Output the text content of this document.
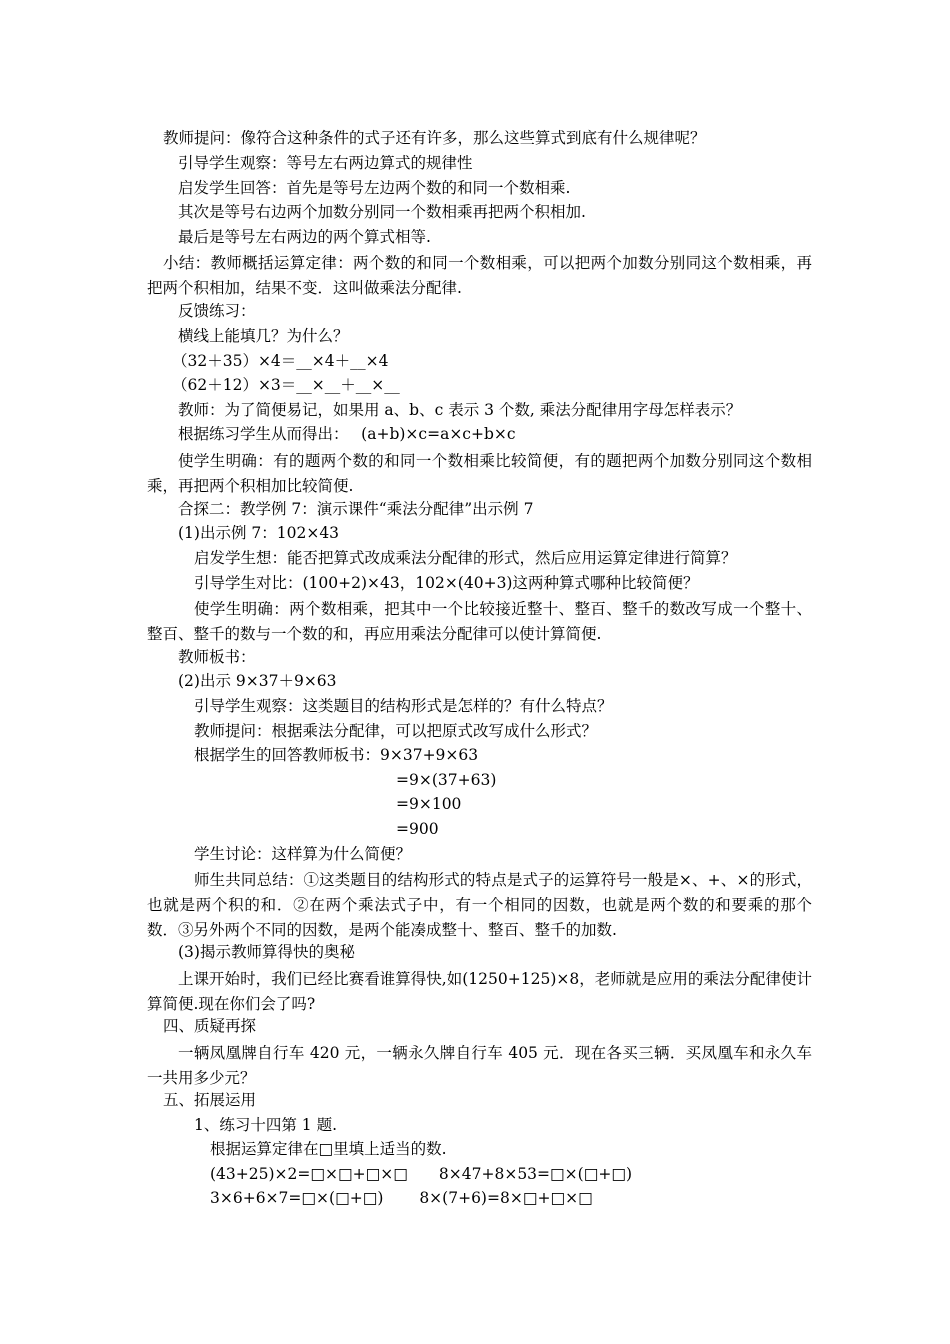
教师提问：像符合这种条件的式子还有许多，那么这些算式到底有什么规律呢？
引导学生观察：等号左右两边算式的规律性
启发学生回答：首先是等号左边两个数的和同一个数相乘.
其次是等号右边两个加数分别同一个数相乘再把两个积相加.
最后是等号左右两边的两个算式相等.
小结：教师概括运算定律：两个数的和同一个数相乘，可以把两个加数分别同这个数相乘，再把两个积相加，结果不变．这叫做乘法分配律.
反馈练习：
横线上能填几？为什么？
（32＋35）×4＝__×4＋__×4
（62＋12）×3＝__×__＋__×__
教师：为了简便易记，如果用 a、b、c 表示 3 个数, 乘法分配律用字母怎样表示？
根据练习学生从而得出：　 (a+b)×c=a×c+b×c
使学生明确：有的题两个数的和同一个数相乘比较简便，有的题把两个加数分别同这个数相乘，再把两个积相加比较简便.
合探二：教学例 7：演示课件“乘法分配律”出示例 7
(1)出示例 7：102×43
启发学生想：能否把算式改成乘法分配律的形式，然后应用运算定律进行简算？
引导学生对比：(100+2)×43，102×(40+3)这两种算式哪种比较简便？
使学生明确：两个数相乘，把其中一个比较接近整十、整百、整千的数改写成一个整十、整百、整千的数与一个数的和，再应用乘法分配律可以使计算简便.
教师板书：
(2)出示 9×37＋9×63
引导学生观察：这类题目的结构形式是怎样的？有什么特点？
教师提问：根据乘法分配律，可以把原式改写成什么形式？
根据学生的回答教师板书：9×37+9×63
=9×(37+63)
=9×100
=900
学生讨论：这样算为什么简便？
师生共同总结：①这类题目的结构形式的特点是式子的运算符号一般是×、+、×的形式，也就是两个积的和．②在两个乘法式子中，有一个相同的因数，也就是两个数的和要乘的那个数．③另外两个不同的因数，是两个能凑成整十、整百、整千的加数.
(3)揭示教师算得快的奥秘
上课开始时，我们已经比赛看谁算得快,如(1250+125)×8，老师就是应用的乘法分配律使计算简便.现在你们会了吗?
四、质疑再探
一辆凤凰牌自行车 420 元，一辆永久牌自行车 405 元．现在各买三辆．买凤凰车和永久车一共用多少元？
五、拓展运用
1、练习十四第 1 题.
根据运算定律在□里填上适当的数.
(43+25)×2=□×□+□×□　　8×47+8×53=□×(□+□)
3×6+6×7=□×(□+□)　　 8×(7+6)=8×□+□×□
